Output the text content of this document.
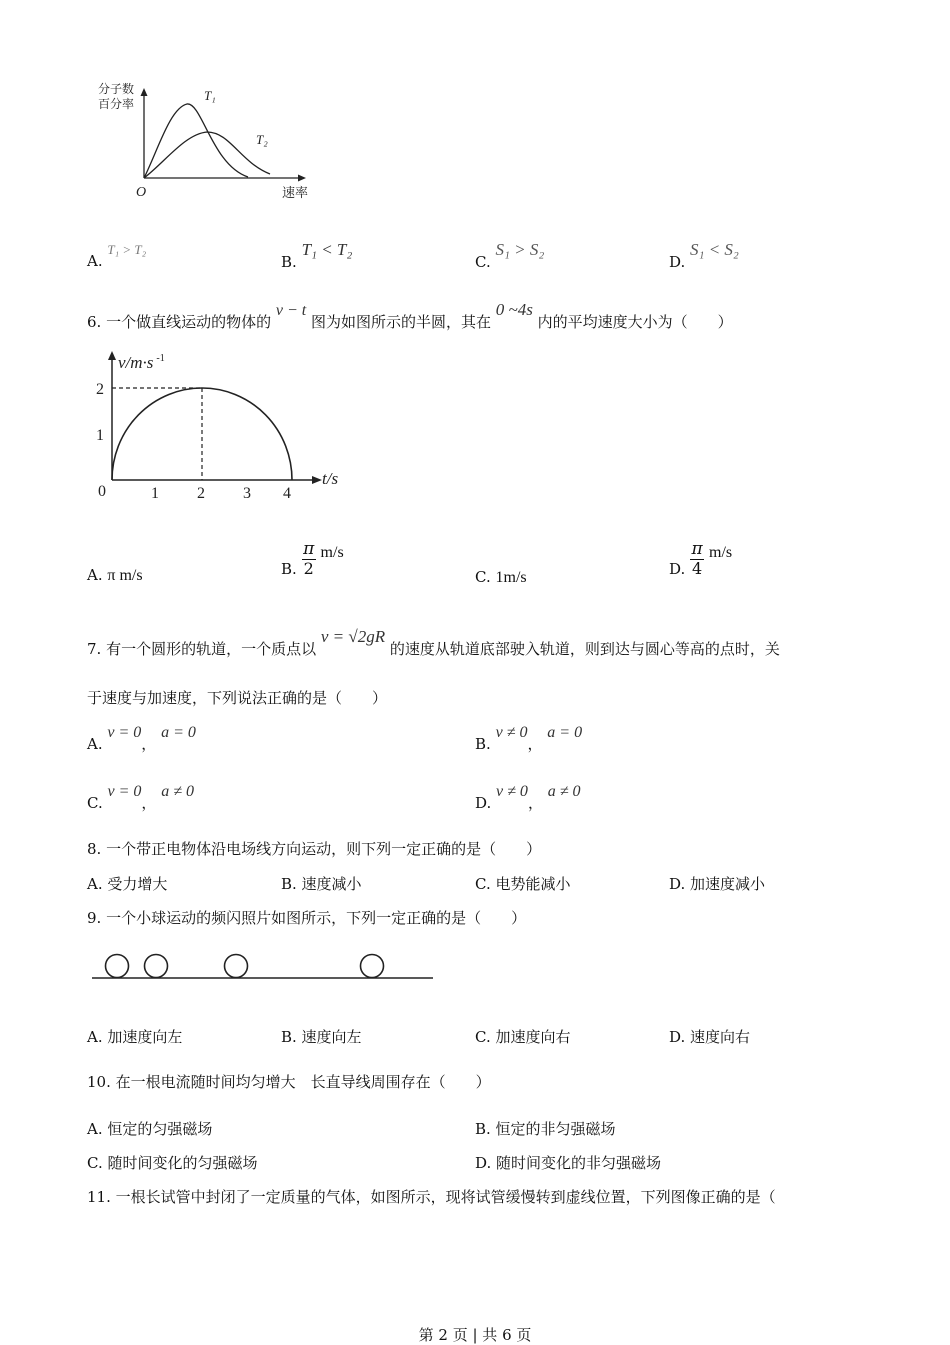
分子数
百分率
T₁
T₂
O	速率
A. T₁ > T₂
B. T₁ < T₂
C. S₁ > S₂
D. S₁ < S₂
6. 一个做直线运动的物体的 v − t 图为如图所示的半圆，其在 0 ~4s 内的平均速度大小为（　　）
v/m·s $^{-1}$
t/s
2
1
0	1 2 3 4
A. π m/s	B. $\frac{\pi}{2} m/s$
C. 1m/s	D. $\frac{\pi}{4} m/s$
7. 有一个圆形的轨道，一个质点以 v = √2gR 的速度从轨道底部驶入轨道，则到达与圆心等高的点时，关
于速度与加速度，下列说法正确的是（　　）
A. v = 0， a = 0
B. v ≠ 0， a = 0
C. v = 0， a ≠ 0
D. v ≠ 0， a ≠ 0
8. 一个带正电物体沿电场线方向运动，则下列一定正确的是（　　）
A. 受力增大	B. 速度减小	C. 电势能减小	D. 加速度减小
9. 一个小球运动的频闪照片如图所示，下列一定正确的是（　　）
A. 加速度向左	B. 速度向左	C. 加速度向右	D. 速度向右
10. 在一根电流随时间均匀增大　长直导线周围存在（　　）
A. 恒定的匀强磁场	B. 恒定的非匀强磁场
C. 随时间变化的匀强磁场	D. 随时间变化的非匀强磁场
11. 一根长试管中封闭了一定质量的气体，如图所示，现将试管缓慢转到虚线位置，下列图像正确的是（
第 2 页 | 共 6 页
